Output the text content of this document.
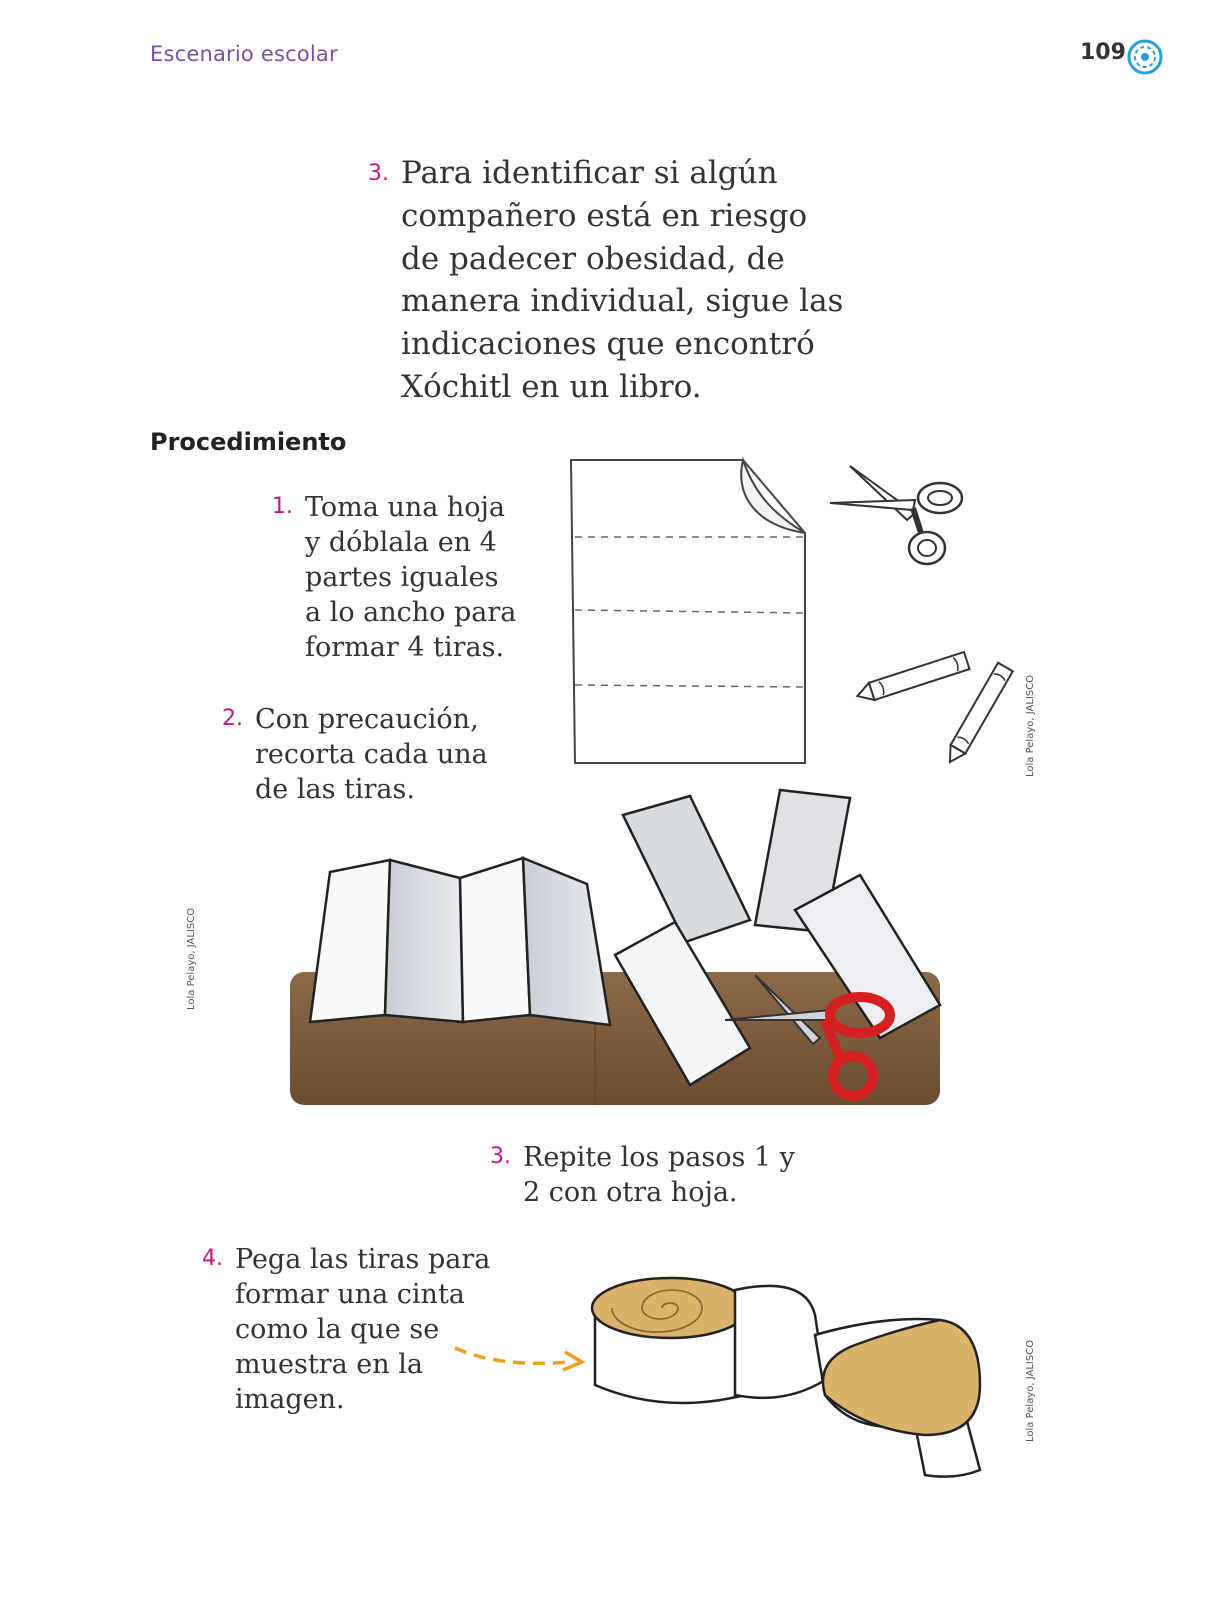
Escenario escolar	109
3. Para identificar si algún
compañero está en riesgo
de padecer obesidad, de
manera individual, sigue las
indicaciones que encontró
Xóchitl en un libro.
Procedimiento
1. Toma una hoja
y dóblala en 4
partes iguales
a lo ancho para
formar 4 tiras.
2. Con precaución,
recorta cada una
de las tiras.
Lola Pelayo, JALISCO
Lola Pelayo, JALISCO
3. Repite los pasos 1 y
2 con otra hoja.
4. Pega las tiras para
formar una cinta
como la que se
muestra en la
imagen.	Lola Pelayo, JALISCO
